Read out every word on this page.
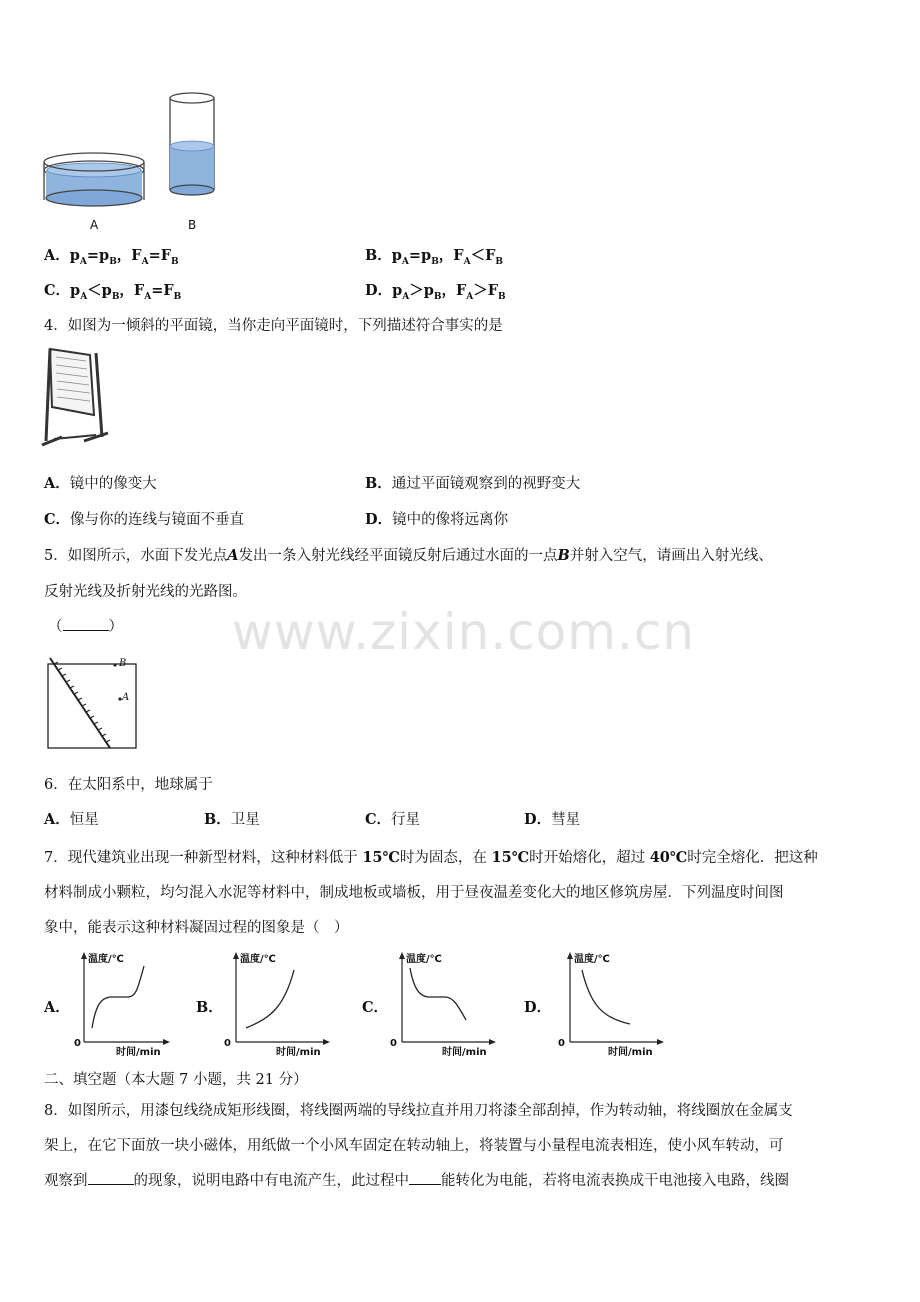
A	B
A．$p_A=p_B$，$F_A=F_B$	B．$p_A=p_B$，$F_A<F_B$
C．$p_A<p_B$，$F_A=F_B$	D．$p_A>p_B$，$F_A>F_B$
4．如图为一倾斜的平面镜，当你走向平面镜时，下列描述符合事实的是
A．镜中的像变大	B．通过平面镜观察到的视野变大
C．像与你的连线与镜面不垂直	D．镜中的像将远离你
5．如图所示，水面下发光点A发出一条入射光线经平面镜反射后通过水面的一点B并射入空气，请画出入射光线、
反射光线及折射光线的光路图。
（	）
B
A
www.zixin.com.cn
6．在太阳系中，地球属于
A．恒星	B．卫星	C．行星	D．彗星
7．现代建筑业出现一种新型材料，这种材料低于 15℃时为固态，在 15℃时开始熔化，超过 40℃时完全熔化．把这种
材料制成小颗粒，均匀混入水泥等材料中，制成地板或墙板，用于昼夜温差变化大的地区修筑房屋．下列温度时间图
象中，能表示这种材料凝固过程的图象是（　）
A．
温度/℃
时间/min
0
B．
温度/℃
时间/min
0
C．
温度/℃
时间/min
0
D．
温度/℃
时间/min
0
二、填空题（本大题 7 小题，共 21 分）
8．如图所示，用漆包线绕成矩形线圈，将线圈两端的导线拉直并用刀将漆全部刮掉，作为转动轴，将线圈放在金属支
架上，在它下面放一块小磁体，用纸做一个小风车固定在转动轴上，将装置与小量程电流表相连，使小风车转动，可
观察到	的现象，说明电路中有电流产生，此过程中 能转化为电能，若将电流表换成干电池接入电路，线圈
